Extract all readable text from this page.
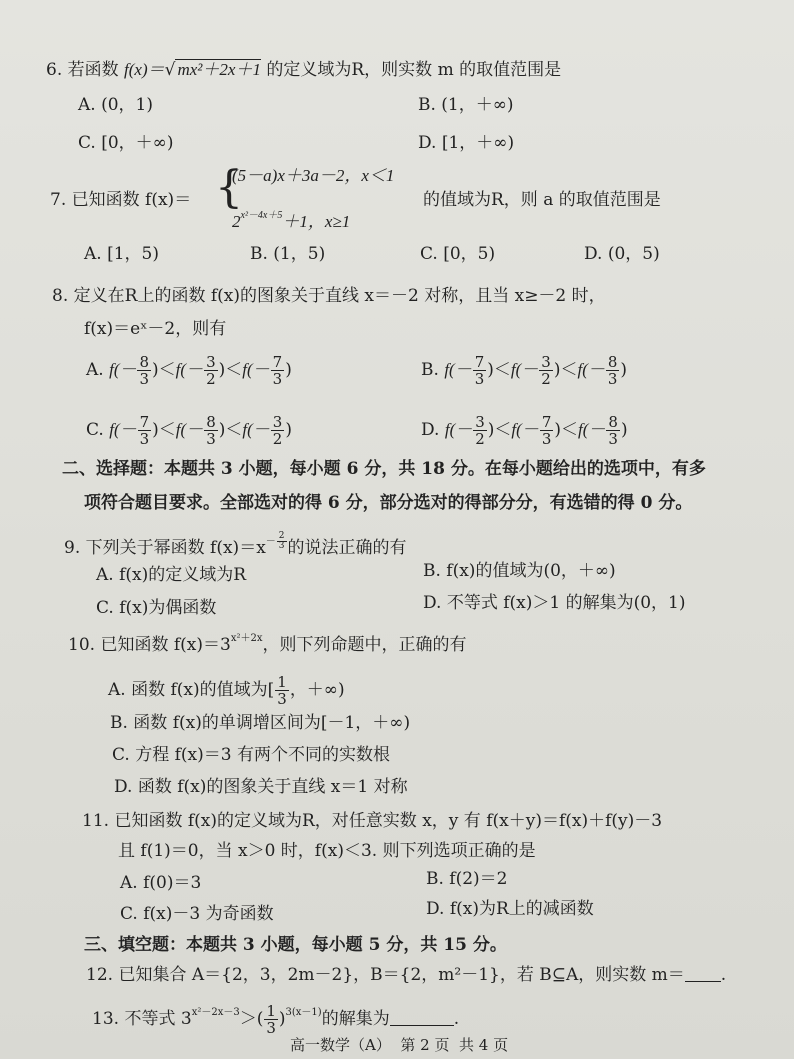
6. 若函数 f(x)＝√ mx²＋2x＋1 的定义域为R，则实数 m 的取值范围是
A. (0，1)	B. (1，＋∞)
C. [0，＋∞)	D. [1，＋∞)
7. 已知函数 f(x)＝ {
(5－a)x＋3a－2，x＜1
$2^{x^2-4x+5}+1$，x≥1
的值域为R，则 a 的取值范围是
A. [1，5)	B. (1，5)	C. [0，5)	D. (0，5)
8. 定义在R上的函数 f(x)的图象关于直线 x＝－2 对称，且当 x≥－2 时，
f(x)＝eˣ－2，则有
A. $f(- \frac{8}{3} )<f(- \frac{3}{2} )<f(- \frac{7}{3}$ )	B. $f(- \frac{7}{3} )<f(- \frac{3}{2} )<f(- \frac{8}{3}$ )
C. $f(- \frac{7}{3} )<f(- \frac{8}{3} )<f(- \frac{3}{2}$ )	D. $f(- \frac{3}{2} )<f(- \frac{7}{3} )<f(- \frac{8}{3}$ )
二、选择题：本题共 3 小题，每小题 6 分，共 18 分。在每小题给出的选项中，有多
项符合题目要求。全部选对的得 6 分，部分选对的得部分分，有选错的得 0 分。
9. 下列关于幂函数 $f(x)=x^{- \frac{2}{3}}$ 的说法正确的有
A. f(x)的定义域为R	B. f(x)的值域为(0，＋∞)
C. f(x)为偶函数	D. 不等式 f(x)＞1 的解集为(0，1)
10. 已知函数 $f(x)=3^{x^2+2x}$，则下列命题中，正确的有
A. 函数 f(x)的值域为[ $\frac{1}{3}$ ，＋∞)
B. 函数 f(x)的单调增区间为[－1，＋∞)
C. 方程 f(x)＝3 有两个不同的实数根
D. 函数 f(x)的图象关于直线 x＝1 对称
11. 已知函数 f(x)的定义域为R，对任意实数 x，y 有 f(x＋y)＝f(x)＋f(y)－3
且 f(1)＝0，当 x＞0 时，f(x)＜3. 则下列选项正确的是
A. f(0)＝3	B. f(2)＝2
C. f(x)－3 为奇函数	D. f(x)为R上的减函数
三、填空题：本题共 3 小题，每小题 5 分，共 15 分。
12. 已知集合 A＝{2，3，2m－2}，B＝{2，m²－1}，若 B⊆A，则实数 m＝ .
13. 不等式 $3^{x^2-2x-3}>( \frac{1}{3} )^{3(x-1)}$的解集为	.
高一数学（A） 第 2 页 共 4 页
